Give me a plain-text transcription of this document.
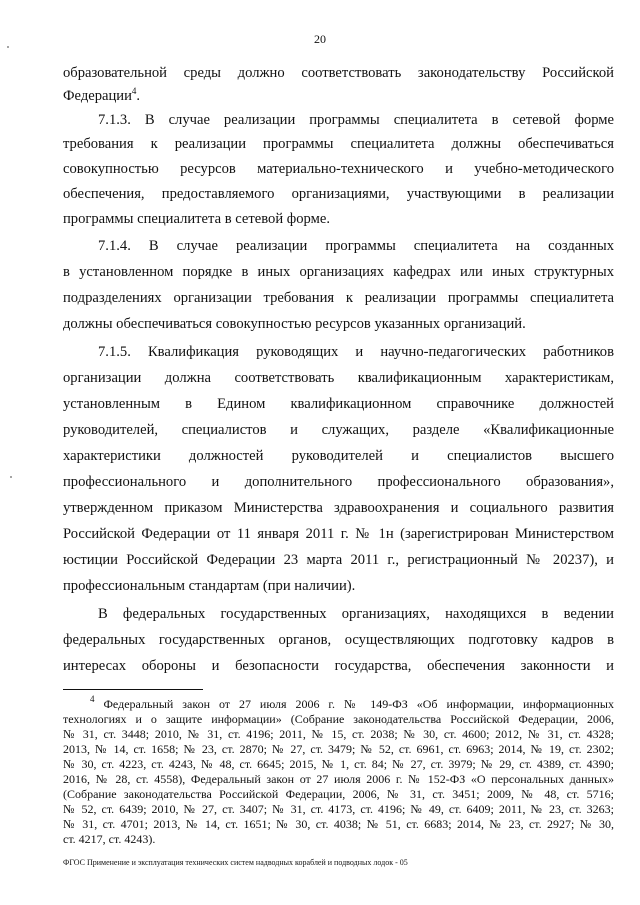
20

образовательной среды должно соответствовать законодательству Российской

Федерации$^4$.

7.1.3. В случае реализации программы специалитета в сетевой форме

требования к реализации программы специалитета должны обеспечиваться

совокупностью ресурсов материально-технического и учебно-методического

обеспечения, предоставляемого организациями, участвующими в реализации

программы специалитета в сетевой форме.

7.1.4. В случае реализации программы специалитета на созданных

в установленном порядке в иных организациях кафедрах или иных структурных

подразделениях организации требования к реализации программы специалитета

должны обеспечиваться совокупностью ресурсов указанных организаций.

7.1.5. Квалификация руководящих и научно-педагогических работников

организации должна соответствовать квалификационным характеристикам,

установленным в Едином квалификационном справочнике должностей

руководителей, специалистов и служащих, разделе «Квалификационные

характеристики должностей руководителей и специалистов высшего

профессионального и дополнительного профессионального образования»,

утвержденном приказом Министерства здравоохранения и социального развития

Российской Федерации от 11 января 2011 г. № 1н (зарегистрирован Министерством

юстиции Российской Федерации 23 марта 2011 г., регистрационный № 20237), и

профессиональным стандартам (при наличии).

В федеральных государственных организациях, находящихся в ведении

федеральных государственных органов, осуществляющих подготовку кадров в

интересах обороны и безопасности государства, обеспечения законности и

$^4$ Федеральный закон от 27 июля 2006 г. № 149-ФЗ «Об информации, информационных

технологиях и о защите информации» (Собрание законодательства Российской Федерации, 2006,

№ 31, ст. 3448; 2010, № 31, ст. 4196; 2011, № 15, ст. 2038; № 30, ст. 4600; 2012, № 31, ст. 4328;

2013, № 14, ст. 1658; № 23, ст. 2870; № 27, ст. 3479; № 52, ст. 6961, ст. 6963; 2014, № 19, ст. 2302;

№ 30, ст. 4223, ст. 4243, № 48, ст. 6645; 2015, № 1, ст. 84; № 27, ст. 3979; № 29, ст. 4389, ст. 4390;

2016, № 28, ст. 4558), Федеральный закон от 27 июля 2006 г. № 152-ФЗ «О персональных данных»

(Собрание законодательства Российской Федерации, 2006, № 31, ст. 3451; 2009, № 48, ст. 5716;

№ 52, ст. 6439; 2010, № 27, ст. 3407; № 31, ст. 4173, ст. 4196; № 49, ст. 6409; 2011, № 23, ст. 3263;

№ 31, ст. 4701; 2013, № 14, ст. 1651; № 30, ст. 4038; № 51, ст. 6683; 2014, № 23, ст. 2927; № 30,

ст. 4217, ст. 4243).

ФГОС Применение и эксплуатация технических систем надводных кораблей и подводных лодок - 05
